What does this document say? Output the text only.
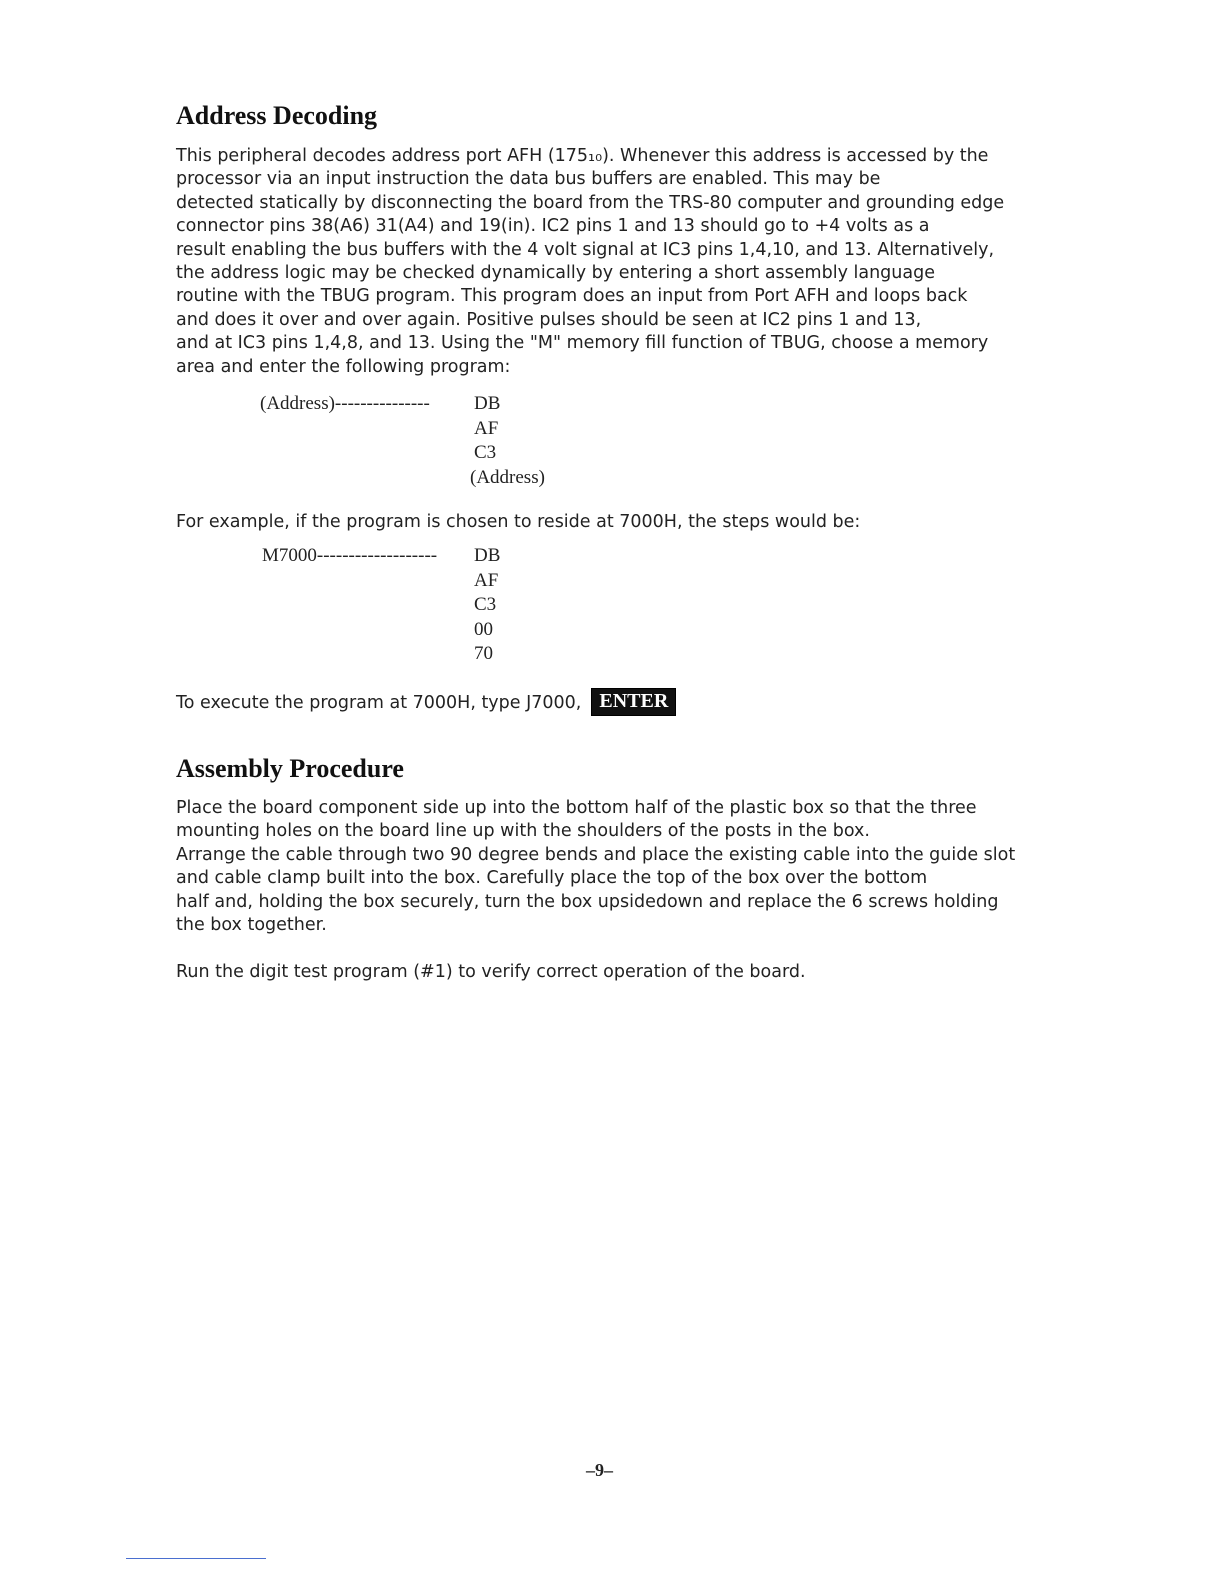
Address Decoding
This peripheral decodes address port AFH (175₁₀). Whenever this address is accessed by the
processor via an input instruction the data bus buffers are enabled. This may be
detected statically by disconnecting the board from the TRS-80 computer and grounding edge
connector pins 38(A6) 31(A4) and 19(in). IC2 pins 1 and 13 should go to +4 volts as a
result enabling the bus buffers with the 4 volt signal at IC3 pins 1,4,10, and 13. Alternatively,
the address logic may be checked dynamically by entering a short assembly language
routine with the TBUG program. This program does an input from Port AFH and loops back
and does it over and over again. Positive pulses should be seen at IC2 pins 1 and 13,
and at IC3 pins 1,4,8, and 13. Using the "M" memory fill function of TBUG, choose a memory
area and enter the following program:
(Address)--------------- DB
AF
C3
(Address)
For example, if the program is chosen to reside at 7000H, the steps would be:
M7000------------------- DB
AF
C3
00
70
To execute the program at 7000H, type J7000, ENTER
Assembly Procedure
Place the board component side up into the bottom half of the plastic box so that the three
mounting holes on the board line up with the shoulders of the posts in the box.
Arrange the cable through two 90 degree bends and place the existing cable into the guide slot
and cable clamp built into the box. Carefully place the top of the box over the bottom
half and, holding the box securely, turn the box upsidedown and replace the 6 screws holding
the box together.
Run the digit test program (#1) to verify correct operation of the board.
–9–
